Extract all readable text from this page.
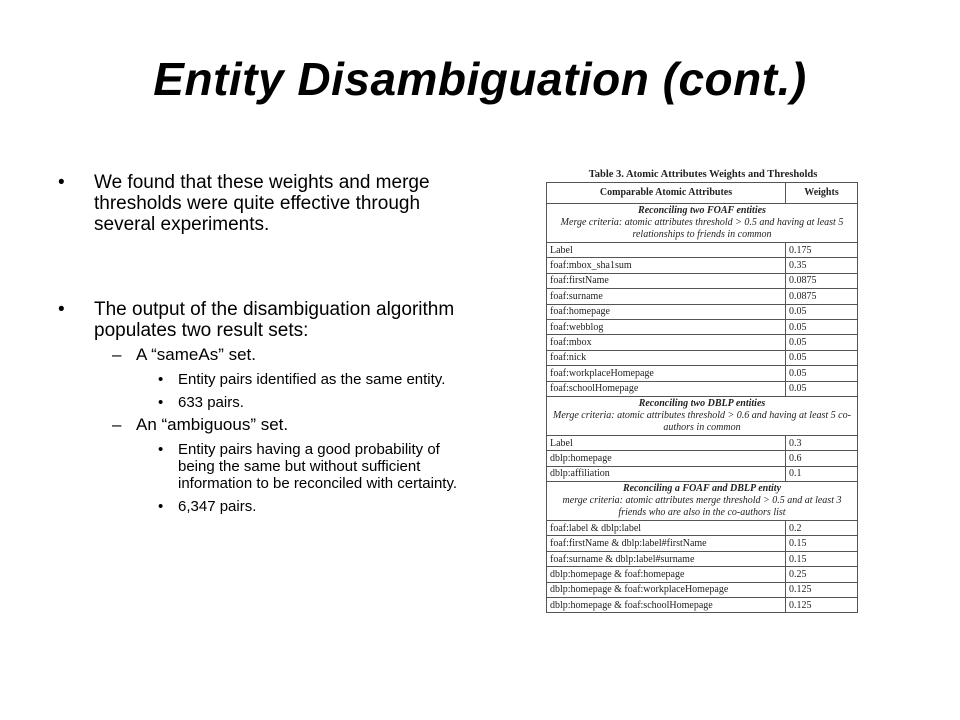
Entity Disambiguation (cont.)
• We found that these weights and merge thresholds were quite effective through several experiments.
• The output of the disambiguation algorithm populates two result sets:
– A “sameAs” set.
• Entity pairs identified as the same entity.
• 633 pairs.
– An “ambiguous” set.
• Entity pairs having a good probability of being the same but without sufficient information to be reconciled with certainty.
• 6,347 pairs.
Table 3. Atomic Attributes Weights and Thresholds
Comparable Atomic Attributes	Weights

Reconciling two FOAF entities
Merge criteria: atomic attributes threshold > 0.5 and having at least 5 relationships to friends in common	

Label	0.175
foaf:mbox_sha1sum	0.35
foaf:firstName	0.0875
foaf:surname	0.0875
foaf:homepage	0.05
foaf:webblog	0.05
foaf:mbox	0.05
foaf:nick	0.05
foaf:workplaceHomepage	0.05
foaf:schoolHomepage	0.05

Reconciling two DBLP entities
Merge criteria: atomic attributes threshold > 0.6 and having at least 5 co-authors in common	

Label	0.3
dblp:homepage	0.6
dblp:affiliation	0.1

Reconciling a FOAF and DBLP entity
merge criteria: atomic attributes merge threshold > 0.5 and at least 3 friends who are also in the co-authors list	

foaf:label & dblp:label	0.2
foaf:firstName & dblp:label#firstName	0.15
foaf:surname & dblp:label#surname	0.15
dblp:homepage & foaf:homepage	0.25
dblp:homepage & foaf:workplaceHomepage	0.125
dblp:homepage & foaf:schoolHomepage	0.125
